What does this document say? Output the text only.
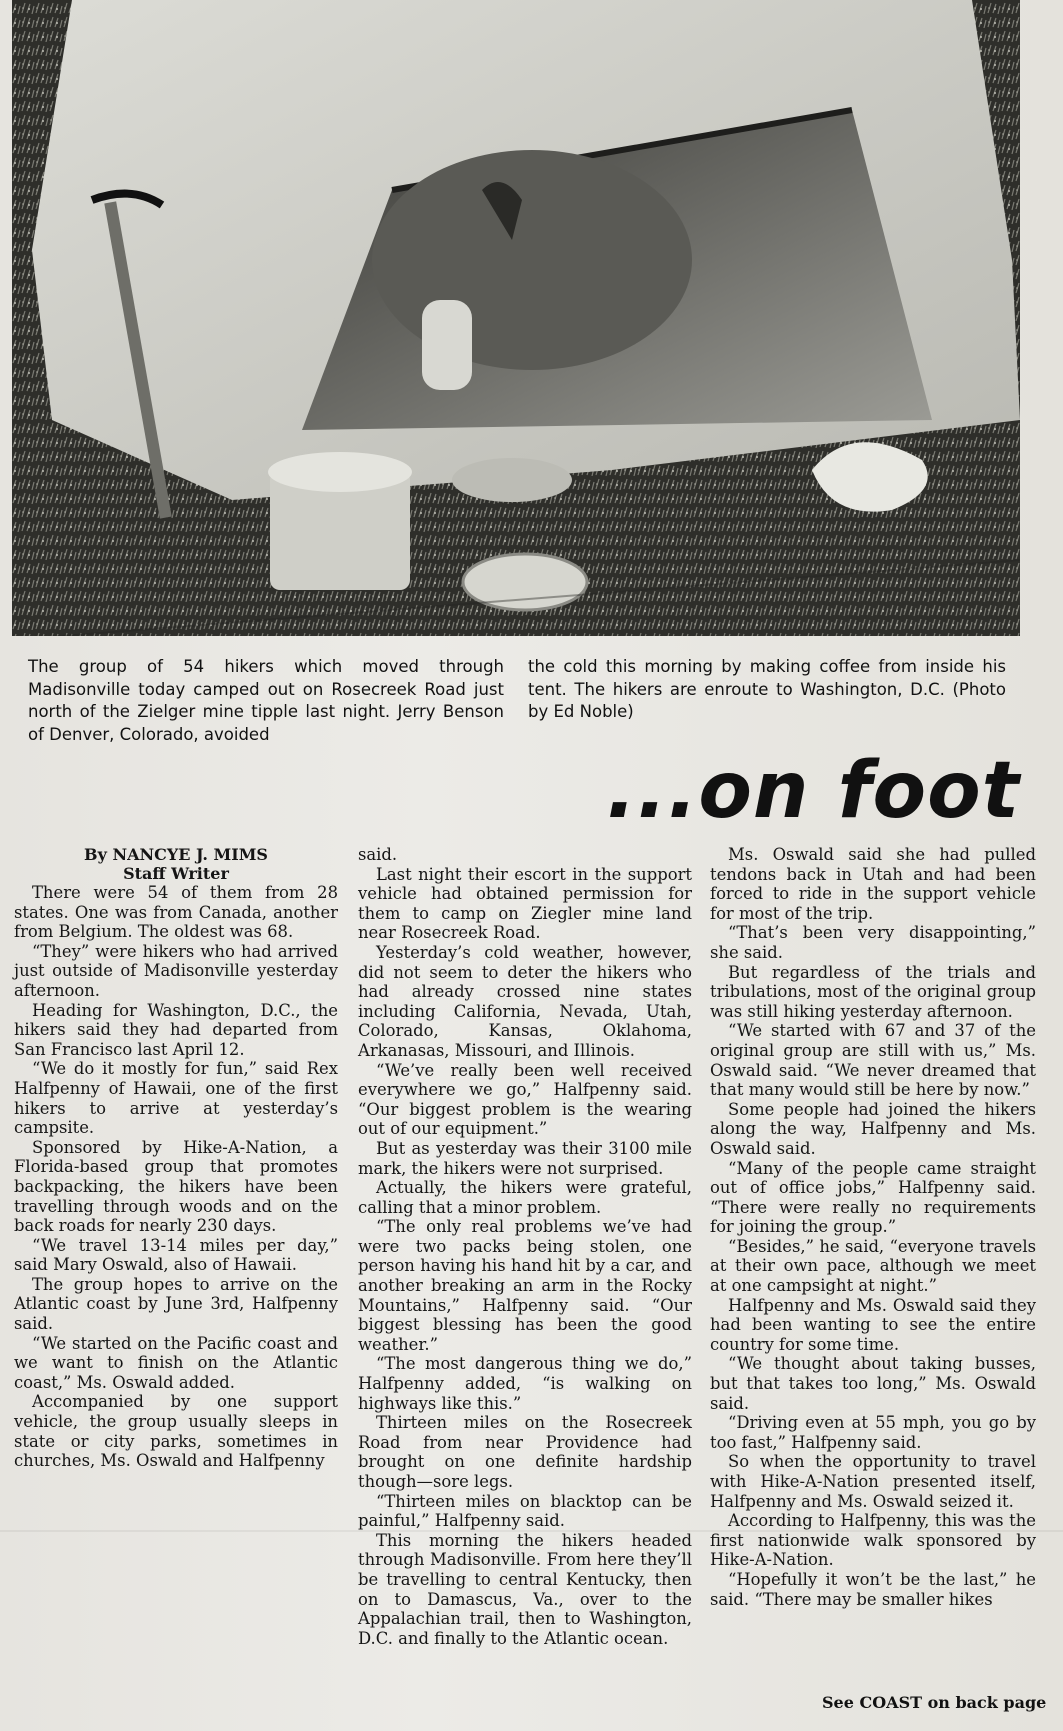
The group of 54 hikers which moved through Madisonville today camped out on Rosecreek Road just north of the Zielger mine tipple last night. Jerry Benson of Denver, Colorado, avoided
the cold this morning by making coffee from inside his tent. The hikers are enroute to Washington, D.C. (Photo by Ed Noble)
...on foot
By NANCYE J. MIMS
Staff Writer

There were 54 of them from 28 states. One was from Canada, another from Belgium. The oldest was 68.

“They” were hikers who had arrived just outside of Madisonville yesterday afternoon.

Heading for Washington, D.C., the hikers said they had departed from San Francisco last April 12.

“We do it mostly for fun,” said Rex Halfpenny of Hawaii, one of the first hikers to arrive at yesterday’s campsite.

Sponsored by Hike-A-Nation, a Florida-based group that promotes backpacking, the hikers have been travelling through woods and on the back roads for nearly 230 days.

“We travel 13-14 miles per day,” said Mary Oswald, also of Hawaii.

The group hopes to arrive on the Atlantic coast by June 3rd, Halfpenny said.

“We started on the Pacific coast and we want to finish on the Atlantic coast,” Ms. Oswald added.

Accompanied by one support vehicle, the group usually sleeps in state or city parks, sometimes in churches, Ms. Oswald and Halfpenny

said.

Last night their escort in the support vehicle had obtained permission for them to camp on Ziegler mine land near Rosecreek Road.

Yesterday’s cold weather, however, did not seem to deter the hikers who had already crossed nine states including California, Nevada, Utah, Colorado, Kansas, Oklahoma, Arkanasas, Missouri, and Illinois.

“We’ve really been well received everywhere we go,” Halfpenny said. “Our biggest problem is the wearing out of our equipment.”

But as yesterday was their 3100 mile mark, the hikers were not surprised.

Actually, the hikers were grateful, calling that a minor problem.

“The only real problems we’ve had were two packs being stolen, one person having his hand hit by a car, and another breaking an arm in the Rocky Mountains,” Halfpenny said. “Our biggest blessing has been the good weather.”

“The most dangerous thing we do,” Halfpenny added, “is walking on highways like this.”

Thirteen miles on the Rosecreek Road from near Providence had brought on one definite hardship though—sore legs.

“Thirteen miles on blacktop can be painful,” Halfpenny said.

This morning the hikers headed through Madisonville. From here they’ll be travelling to central Kentucky, then on to Damascus, Va., over to the Appalachian trail, then to Washington, D.C. and finally to the Atlantic ocean.

Ms. Oswald said she had pulled tendons back in Utah and had been forced to ride in the support vehicle for most of the trip.

“That’s been very disappointing,” she said.

But regardless of the trials and tribulations, most of the original group was still hiking yesterday afternoon.

“We started with 67 and 37 of the original group are still with us,” Ms. Oswald said. “We never dreamed that that many would still be here by now.”

Some people had joined the hikers along the way, Halfpenny and Ms. Oswald said.

“Many of the people came straight out of office jobs,” Halfpenny said. “There were really no requirements for joining the group.”

“Besides,” he said, “everyone travels at their own pace, although we meet at one campsight at night.”

Halfpenny and Ms. Oswald said they had been wanting to see the entire country for some time.

“We thought about taking busses, but that takes too long,” Ms. Oswald said.

“Driving even at 55 mph, you go by too fast,” Halfpenny said.

So when the opportunity to travel with Hike-A-Nation presented itself, Halfpenny and Ms. Oswald seized it.

According to Halfpenny, this was the first nationwide walk sponsored by Hike-A-Nation.

“Hopefully it won’t be the last,” he said. “There may be smaller hikes

See COAST on back page
